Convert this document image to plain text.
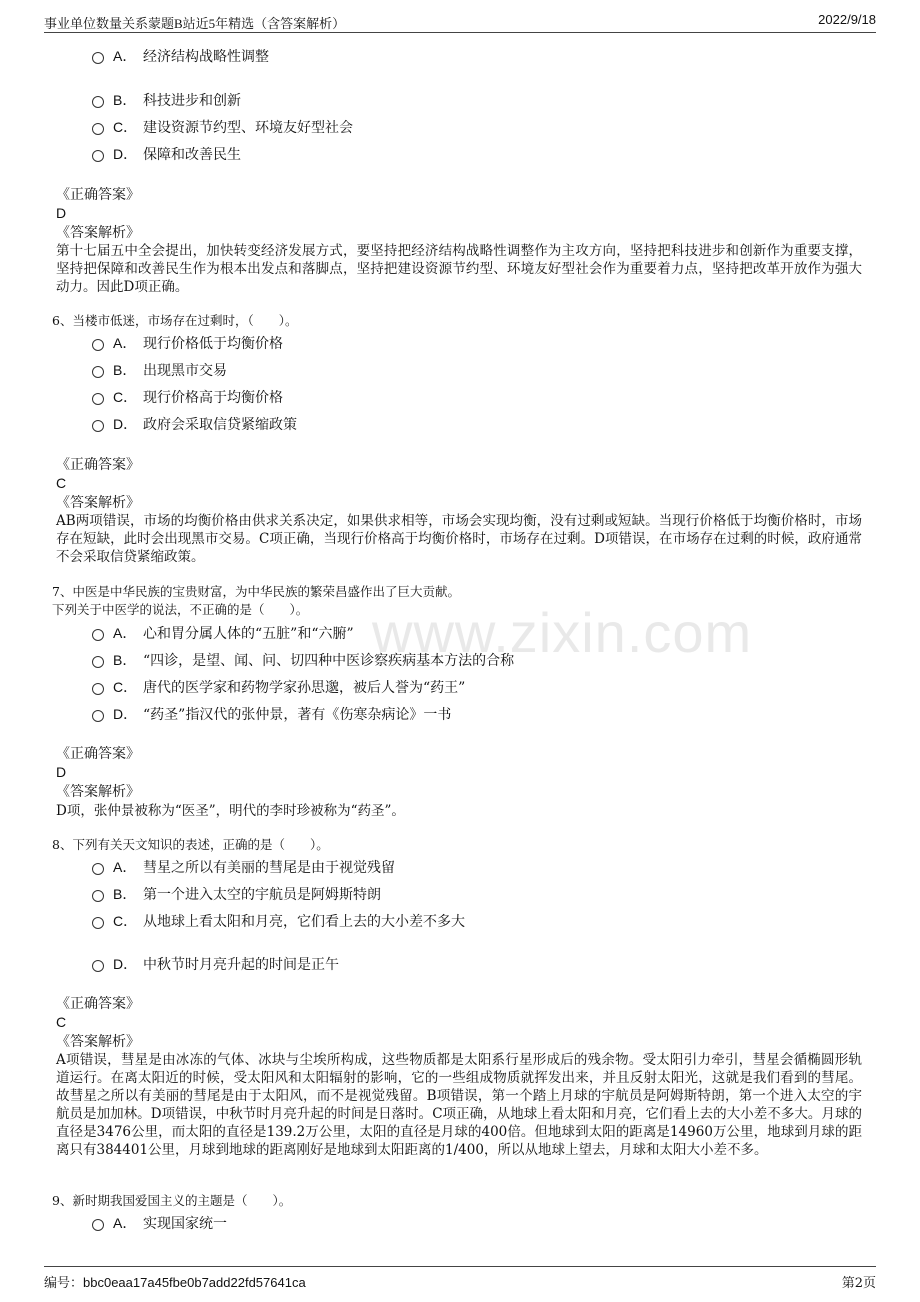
事业单位数量关系蒙题B站近5年精选（含答案解析）	2022/9/18
www.zixin.com
A． 经济结构战略性调整
B． 科技进步和创新
C． 建设资源节约型、环境友好型社会
D． 保障和改善民生
《正确答案》
D
《答案解析》
第十七届五中全会提出，加快转变经济发展方式，要坚持把经济结构战略性调整作为主攻方向，坚持把科技进步和创新作为重要支撑，坚持把保障和改善民生作为根本出发点和落脚点，坚持把建设资源节约型、环境友好型社会作为重要着力点，坚持把改革开放作为强大动力。因此D项正确。
6、当楼市低迷，市场存在过剩时，（　　）。
A． 现行价格低于均衡价格
B． 出现黑市交易
C． 现行价格高于均衡价格
D． 政府会采取信贷紧缩政策
《正确答案》
C
《答案解析》
AB两项错误，市场的均衡价格由供求关系决定，如果供求相等，市场会实现均衡，没有过剩或短缺。当现行价格低于均衡价格时，市场存在短缺，此时会出现黑市交易。C项正确，当现行价格高于均衡价格时，市场存在过剩。D项错误，在市场存在过剩的时候，政府通常不会采取信贷紧缩政策。
7、中医是中华民族的宝贵财富，为中华民族的繁荣昌盛作出了巨大贡献。
下列关于中医学的说法，不正确的是（　　）。
A． 心和胃分属人体的“五脏”和“六腑”
B． “四诊，是望、闻、问、切四种中医诊察疾病基本方法的合称
C． 唐代的医学家和药物学家孙思邈，被后人誉为“药王”
D． “药圣”指汉代的张仲景，著有《伤寒杂病论》一书
《正确答案》
D
《答案解析》
D项，张仲景被称为“医圣”，明代的李时珍被称为“药圣”。
8、下列有关天文知识的表述，正确的是（　　）。
A． 彗星之所以有美丽的彗尾是由于视觉残留
B． 第一个进入太空的宇航员是阿姆斯特朗
C． 从地球上看太阳和月亮，它们看上去的大小差不多大
D． 中秋节时月亮升起的时间是正午
《正确答案》
C
《答案解析》
A项错误，彗星是由冰冻的气体、冰块与尘埃所构成，这些物质都是太阳系行星形成后的残余物。受太阳引力牵引，彗星会循椭圆形轨道运行。在离太阳近的时候，受太阳风和太阳辐射的影响，它的一些组成物质就挥发出来，并且反射太阳光，这就是我们看到的彗尾。故彗星之所以有美丽的彗尾是由于太阳风，而不是视觉残留。B项错误，第一个踏上月球的宇航员是阿姆斯特朗，第一个进入太空的宇航员是加加林。D项错误，中秋节时月亮升起的时间是日落时。C项正确，从地球上看太阳和月亮，它们看上去的大小差不多大。月球的直径是3476公里，而太阳的直径是139.2万公里，太阳的直径是月球的400倍。但地球到太阳的距离是14960万公里，地球到月球的距离只有384401公里，月球到地球的距离刚好是地球到太阳距离的1/400，所以从地球上望去，月球和太阳大小差不多。
9、新时期我国爱国主义的主题是（　　）。
A． 实现国家统一
编号：bbc0eaa17a45fbe0b7add22fd57641ca	第2页
